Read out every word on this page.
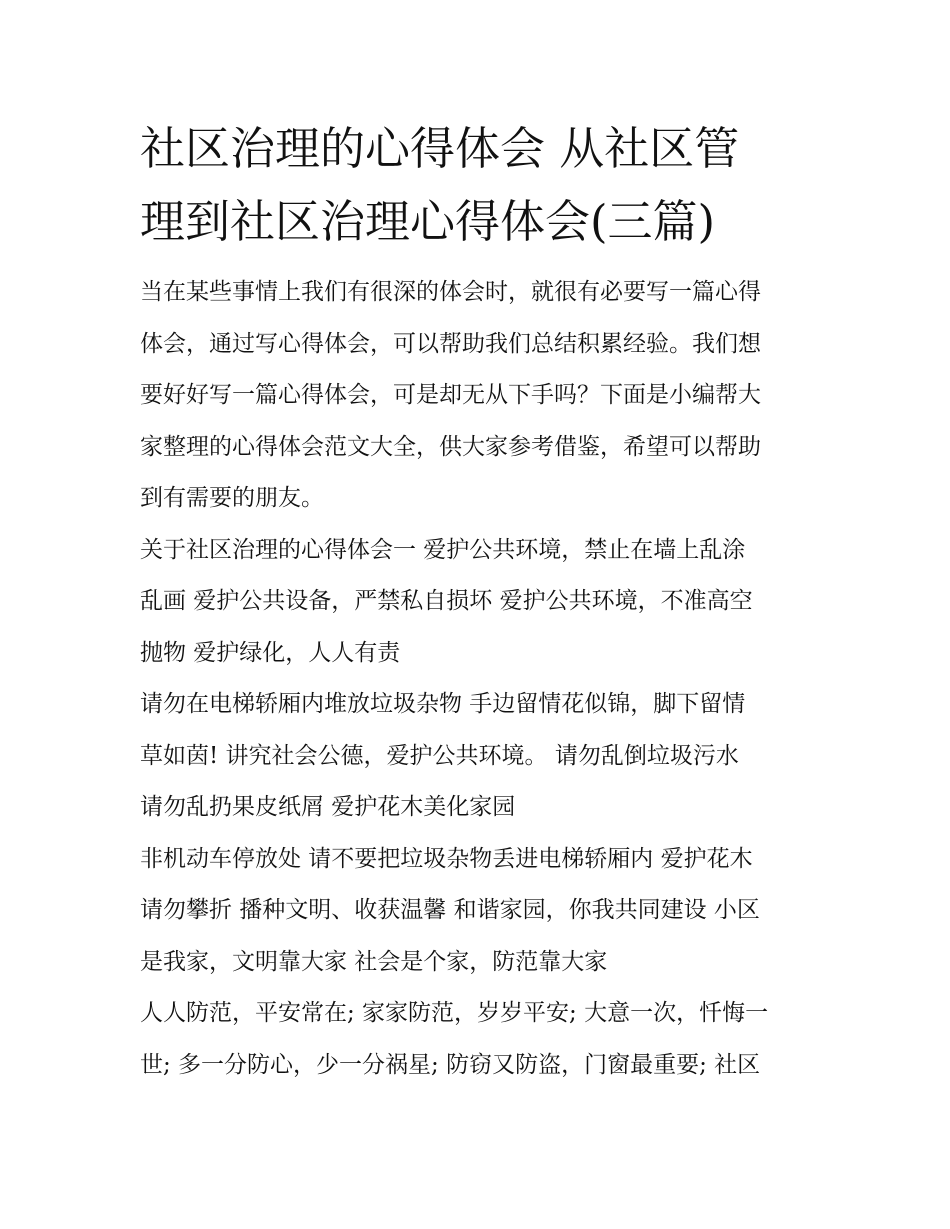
社区治理的心得体会 从社区管
理到社区治理心得体会(三篇)
当在某些事情上我们有很深的体会时，就很有必要写一篇心得
体会，通过写心得体会，可以帮助我们总结积累经验。我们想
要好好写一篇心得体会，可是却无从下手吗？下面是小编帮大
家整理的心得体会范文大全，供大家参考借鉴，希望可以帮助
到有需要的朋友。
关于社区治理的心得体会一 爱护公共环境，禁止在墙上乱涂
乱画 爱护公共设备，严禁私自损坏 爱护公共环境，不准高空
抛物 爱护绿化，人人有责
请勿在电梯轿厢内堆放垃圾杂物 手边留情花似锦，脚下留情
草如茵! 讲究社会公德，爱护公共环境。 请勿乱倒垃圾污水
请勿乱扔果皮纸屑 爱护花木美化家园
非机动车停放处 请不要把垃圾杂物丢进电梯轿厢内 爱护花木
请勿攀折 播种文明、收获温馨 和谐家园，你我共同建设 小区
是我家，文明靠大家 社会是个家，防范靠大家
人人防范，平安常在; 家家防范，岁岁平安; 大意一次，忏悔一
世; 多一分防心，少一分祸星; 防窃又防盗，门窗最重要; 社区
